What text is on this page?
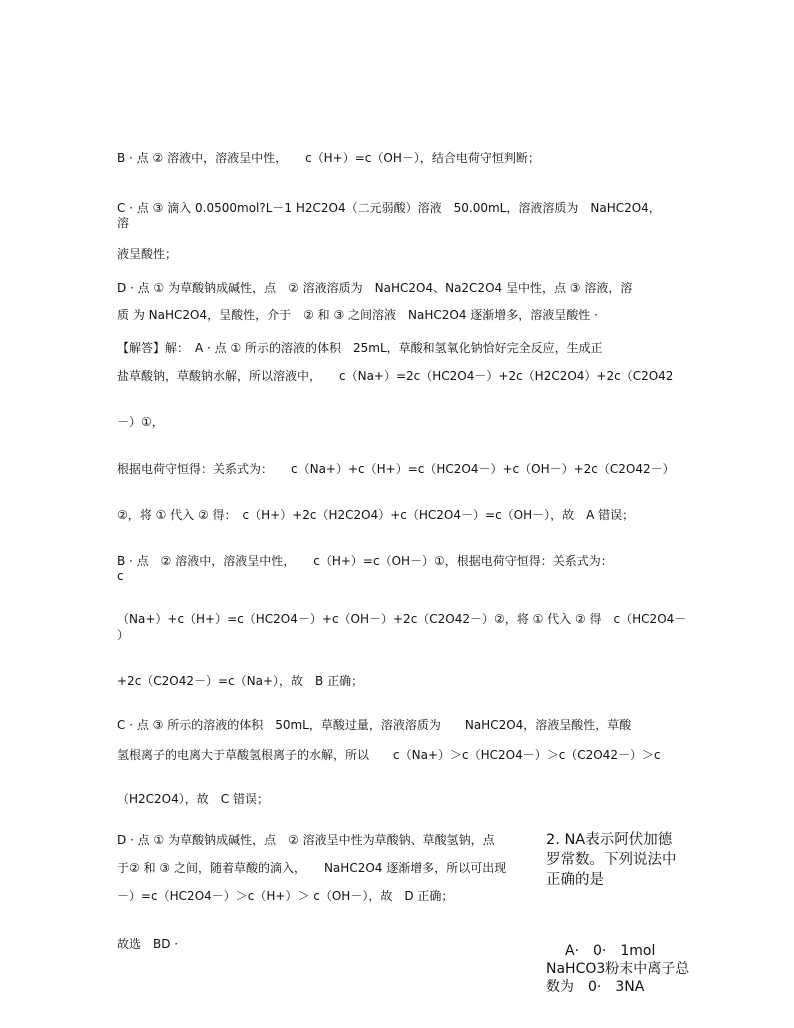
B · 点 ② 溶液中，溶液呈中性，　　c（H+）=c（OH－），结合电荷守恒判断；
C · 点 ③ 滴入 0.0500mol?L－1 H2C2O4（二元弱酸）溶液　50.00mL，溶液溶质为　NaHC2O4，
溶
液呈酸性；
D · 点 ① 为草酸钠成碱性，点　② 溶液溶质为　NaHC2O4、Na2C2O4 呈中性，点 ③ 溶液，溶
质 为 NaHC2O4，呈酸性，介于　② 和 ③ 之间溶液　NaHC2O4 逐渐增多，溶液呈酸性 ·
【解答】解：　A · 点 ① 所示的溶液的体积　25mL，草酸和氢氧化钠恰好完全反应，生成正
盐草酸钠，草酸钠水解，所以溶液中，　　c（Na+）=2c（HC2O4－）+2c（H2C2O4）+2c（C2O42
－）①，
根据电荷守恒得：关系式为：　　c（Na+）+c（H+）=c（HC2O4－）+c（OH－）+2c（C2O42－）
②，将 ① 代入 ② 得：　c（H+）+2c（H2C2O4）+c（HC2O4－）=c（OH－），故　A 错误；
B · 点　② 溶液中，溶液呈中性，　　c（H+）=c（OH－）①，根据电荷守恒得：关系式为：
c
（Na+）+c（H+）=c（HC2O4－）+c（OH－）+2c（C2O42－）②，将 ① 代入 ② 得　c（HC2O4－
）
+2c（C2O42－）=c（Na+），故　B 正确；
C · 点 ③ 所示的溶液的体积　50mL，草酸过量，溶液溶质为　　NaHC2O4，溶液呈酸性，草酸
氢根离子的电离大于草酸氢根离子的水解，所以　　c（Na+）＞c（HC2O4－）＞c（C2O42－）＞c
（H2C2O4），故　C 错误；
D · 点 ① 为草酸钠成碱性，点　② 溶液呈中性为草酸钠、草酸氢钠，点
于② 和 ③ 之间，随着草酸的滴入，　　NaHC2O4 逐渐增多，所以可出现
－）=c（HC2O4－）＞c（H+）＞ c（OH－），故　D 正确；
故选　BD ·
2. NA表示阿伏加德
罗常数。下列说法中
正确的是
A·　0·　1mol
NaHCO3粉末中离子总
数为　0·　3NA
